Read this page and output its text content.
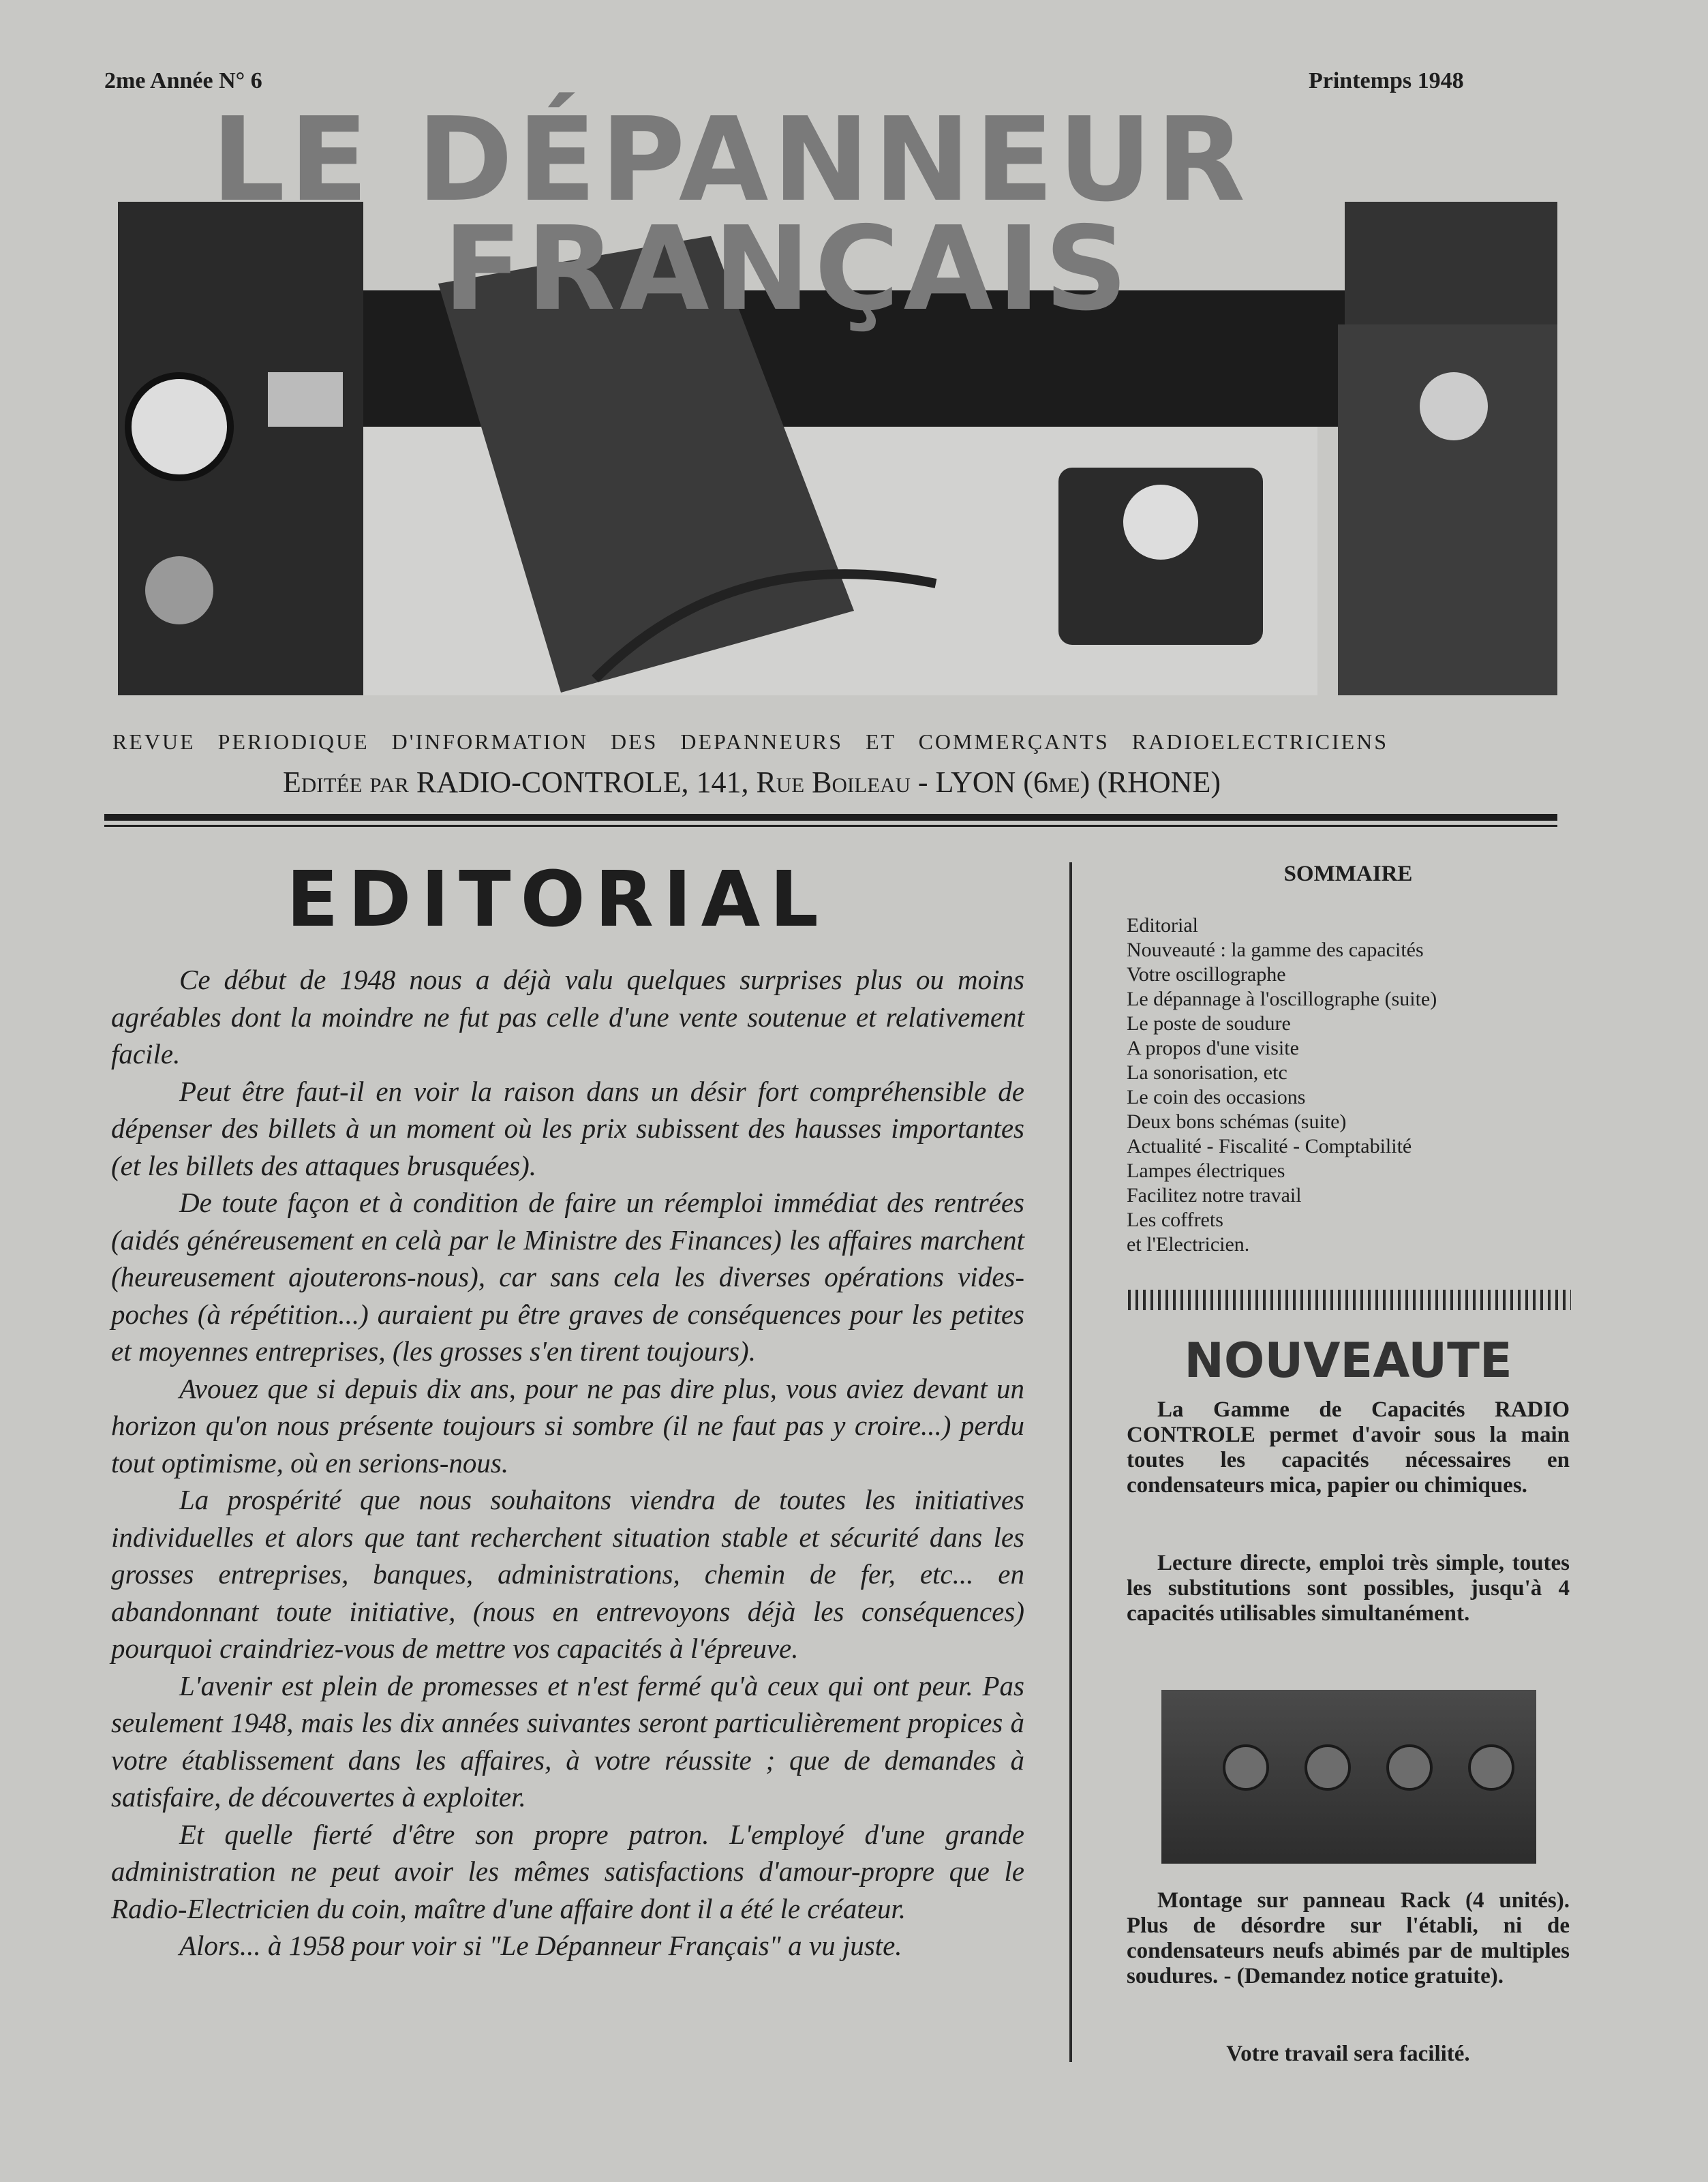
2me Année N° 6	Printemps 1948
LE DÉPANNEUR
FRANÇAIS
REVUE PERIODIQUE D'INFORMATION DES DEPANNEURS ET COMMERÇANTS RADIOELECTRICIENS
Editée par RADIO-CONTROLE, 141, Rue Boileau - LYON (6me) (RHONE)
EDITORIAL

Ce début de 1948 nous a déjà valu quelques surprises plus ou moins agréables dont la moindre ne fut pas celle d'une vente soutenue et relativement facile.

Peut être faut-il en voir la raison dans un désir fort compréhensible de dépenser des billets à un moment où les prix subissent des hausses importantes (et les billets des attaques brusquées).

De toute façon et à condition de faire un réemploi immédiat des rentrées (aidés généreusement en celà par le Ministre des Finances) les affaires marchent (heureusement ajouterons-nous), car sans cela les diverses opérations vides-poches (à répétition...) auraient pu être graves de conséquences pour les petites et moyennes entreprises, (les grosses s'en tirent toujours).

Avouez que si depuis dix ans, pour ne pas dire plus, vous aviez devant un horizon qu'on nous présente toujours si sombre (il ne faut pas y croire...) perdu tout optimisme, où en serions-nous.

La prospérité que nous souhaitons viendra de toutes les initiatives individuelles et alors que tant recherchent situation stable et sécurité dans les grosses entreprises, banques, administrations, chemin de fer, etc... en abandonnant toute initiative, (nous en entrevoyons déjà les conséquences) pourquoi craindriez-vous de mettre vos capacités à l'épreuve.

L'avenir est plein de promesses et n'est fermé qu'à ceux qui ont peur. Pas seulement 1948, mais les dix années suivantes seront particulièrement propices à votre établissement dans les affaires, à votre réussite ; que de demandes à satisfaire, de découvertes à exploiter.

Et quelle fierté d'être son propre patron. L'employé d'une grande administration ne peut avoir les mêmes satisfactions d'amour-propre que le Radio-Electricien du coin, maître d'une affaire dont il a été le créateur.

Alors... à 1958 pour voir si "Le Dépanneur Français" a vu juste.

SOMMAIRE
Editorial
Nouveauté : la gamme des capacités
Votre oscillographe
Le dépannage à l'oscillographe (suite)
Le poste de soudure
A propos d'une visite
La sonorisation, etc
Le coin des occasions
Deux bons schémas (suite)
Actualité - Fiscalité - Comptabilité
Lampes électriques
Facilitez notre travail
Les coffrets
et l'Electricien.
NOUVEAUTE
La Gamme de Capacités RADIO CONTROLE permet d'avoir sous la main toutes les capacités nécessaires en condensateurs mica, papier ou chimiques.
Lecture directe, emploi très simple, toutes les substitutions sont possibles, jusqu'à 4 capacités utilisables simultanément.
Montage sur panneau Rack (4 unités). Plus de désordre sur l'établi, ni de condensateurs neufs abimés par de multiples soudures. - (Demandez notice gratuite).
Votre travail sera facilité.
